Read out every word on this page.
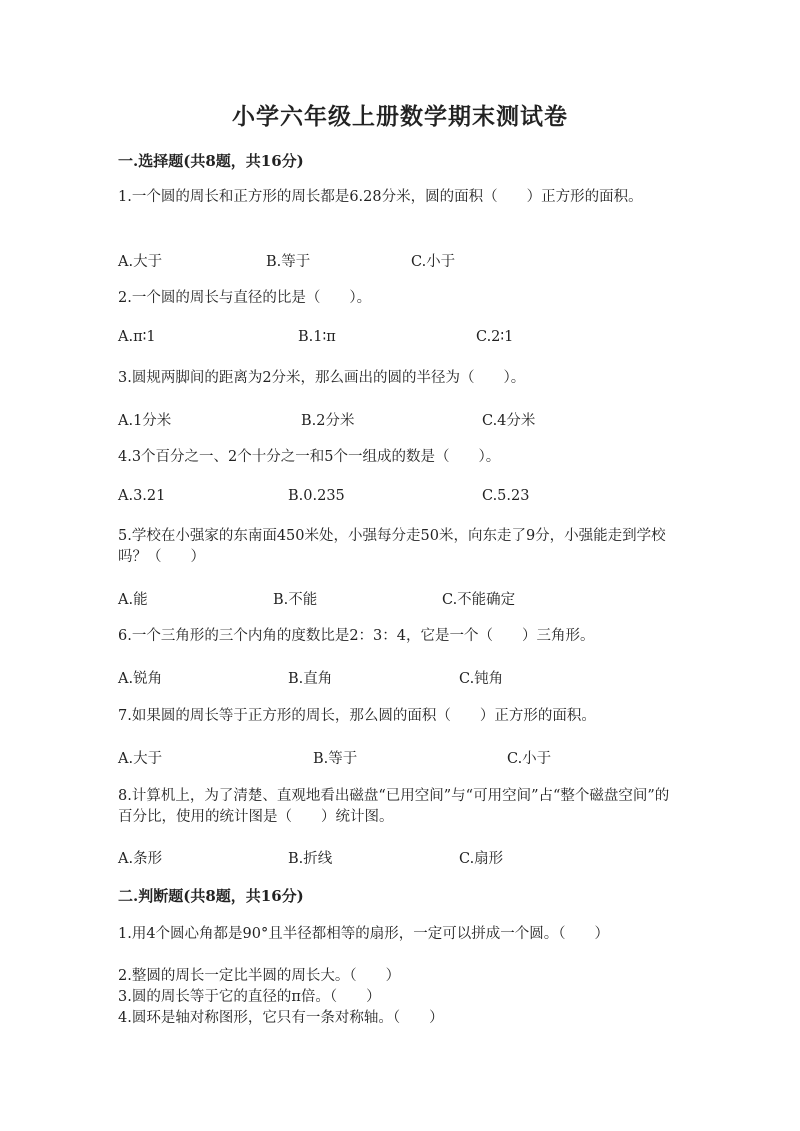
小学六年级上册数学期末测试卷
一.选择题(共8题，共16分)
1.一个圆的周长和正方形的周长都是6.28分米，圆的面积（　　）正方形的面积。
A.大于	B.等于	C.小于
2.一个圆的周长与直径的比是（　　）。
A.π∶1	B.1∶π	C.2∶1
3.圆规两脚间的距离为2分米，那么画出的圆的半径为（　　）。
A.1分米	B.2分米	C.4分米
4.3个百分之一、2个十分之一和5个一组成的数是（　　）。
A.3.21	B.0.235	C.5.23
5.学校在小强家的东南面450米处，小强每分走50米，向东走了9分，小强能走到学校吗？（　　）
A.能	B.不能	C.不能确定
6.一个三角形的三个内角的度数比是2：3：4，它是一个（　　）三角形。
A.锐角	B.直角	C.钝角
7.如果圆的周长等于正方形的周长，那么圆的面积（　　）正方形的面积。
A.大于	B.等于	C.小于
8.计算机上，为了清楚、直观地看出磁盘“已用空间”与“可用空间”占“整个磁盘空间”的百分比，使用的统计图是（　　）统计图。
A.条形	B.折线	C.扇形
二.判断题(共8题，共16分)
1.用4个圆心角都是90°且半径都相等的扇形，一定可以拼成一个圆。（　　）
2.整圆的周长一定比半圆的周长大。（　　）
3.圆的周长等于它的直径的π倍。（　　）
4.圆环是轴对称图形，它只有一条对称轴。（　　）
